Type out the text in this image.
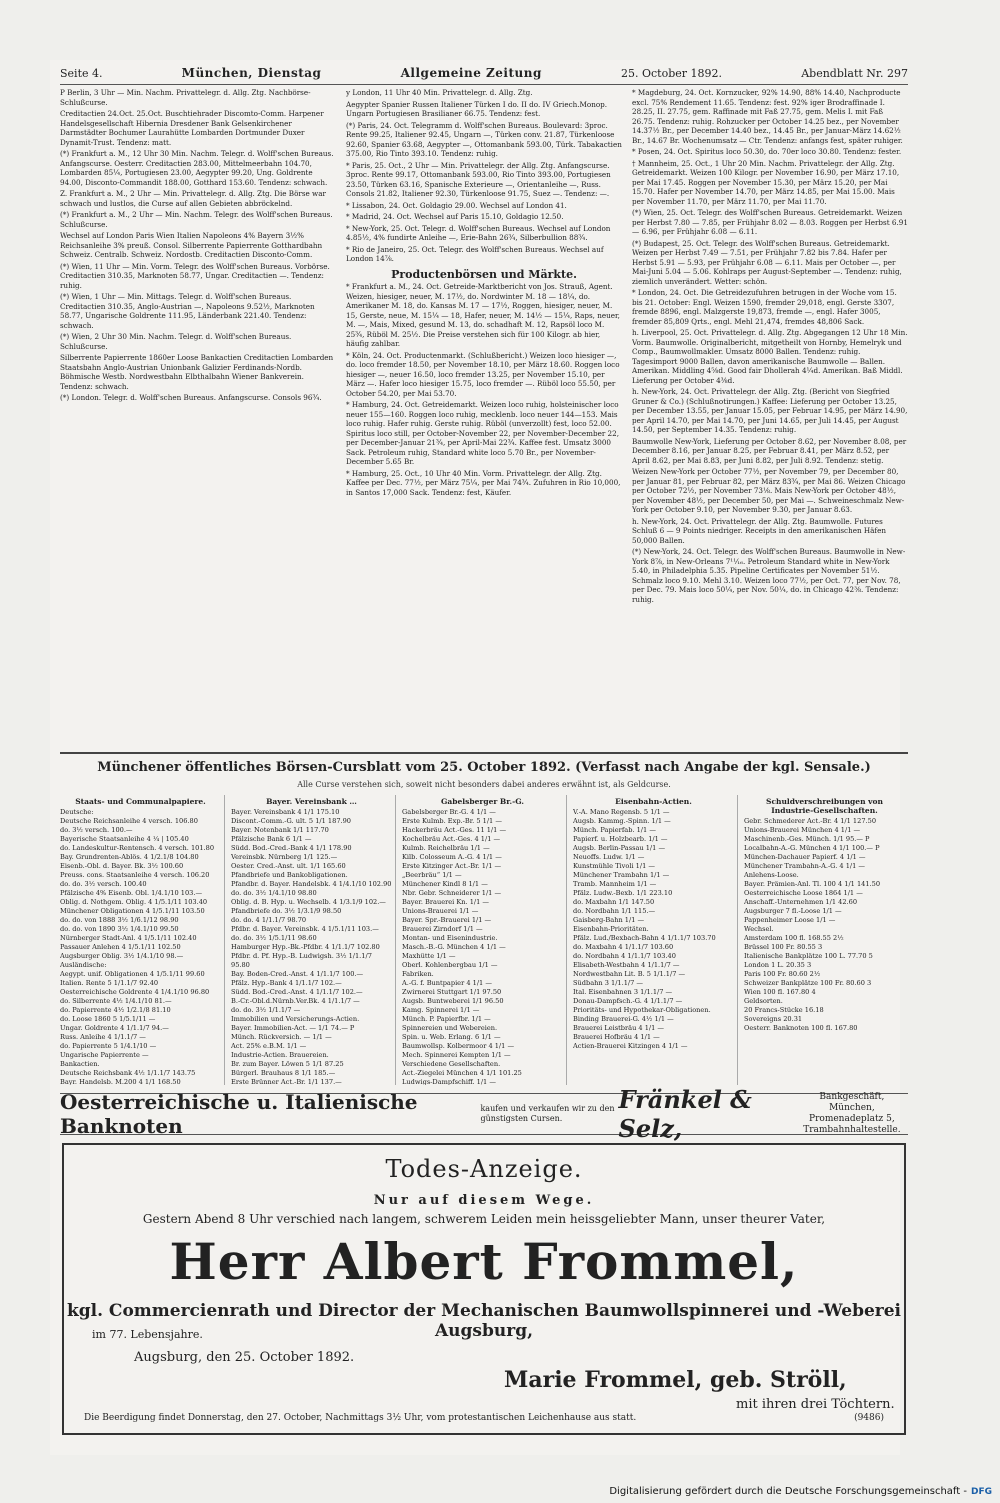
Seite 4.	München, Dienstag	Allgemeine Zeitung	25. October 1892.	Abendblatt Nr. 297

P Berlin, 3 Uhr — Min. Nachm. Privattelegr. d. Allg. Ztg. Nachbörse-Schlußcurse.

Creditactien 24.Oct. 25.Oct. Buschtiehrader Discomto-Comm. Harpener Handelsgesellschaft Hibernia Dresdener Bank Gelsenkirchener Darmstädter Bochumer Laurahütte Lombarden Dortmunder Duxer Dynamit-Trust. Tendenz: matt.

(*) Frankfurt a. M., 12 Uhr 30 Min. Nachm. Telegr. d. Wolff'schen Bureaus. Anfangscurse. Oesterr. Creditactien 283.00, Mittelmeerbahn 104.70, Lombarden 85¼, Portugiesen 23.00, Aegypter 99.20, Ung. Goldrente 94.00, Disconto-Commandit 188.00, Gotthard 153.60. Tendenz: schwach.

Z. Frankfurt a. M., 2 Uhr — Min. Privattelegr. d. Allg. Ztg. Die Börse war schwach und lustlos, die Curse auf allen Gebieten abbröckelnd.

(*) Frankfurt a. M., 2 Uhr — Min. Nachm. Telegr. des Wolff'schen Bureaus. Schlußcurse.

Wechsel auf London Paris Wien Italien Napoleons 4% Bayern 3½% Reichsanleihe 3% preuß. Consol. Silberrente Papierrente Gotthardbahn Schweiz. Centralb. Schweiz. Nordostb. Creditactien Disconto-Comm.

(*) Wien, 11 Uhr — Min. Vorm. Telegr. des Wolff'schen Bureaus. Vorbörse. Creditactien 310.35, Marknoten 58.77, Ungar. Creditactien —. Tendenz: ruhig.

(*) Wien, 1 Uhr — Min. Mittags. Telegr. d. Wolff'schen Bureaus. Creditactien 310.35, Anglo-Austrian —, Napoleons 9.52½, Marknoten 58.77, Ungarische Goldrente 111.95, Länderbank 221.40. Tendenz: schwach.

(*) Wien, 2 Uhr 30 Min. Nachm. Telegr. d. Wolff'schen Bureaus. Schlußcurse.

Silberrente Papierrente 1860er Loose Bankactien Creditactien Lombarden Staatsbahn Anglo-Austrian Unionbank Galizier Ferdinands-Nordb. Böhmische Westb. Nordwestbahn Elbthalbahn Wiener Bankverein. Tendenz: schwach.

(*) London. Telegr. d. Wolff'schen Bureaus. Anfangscurse. Consols 96¾.

y London, 11 Uhr 40 Min. Privattelegr. d. Allg. Ztg.

Aegypter Spanier Russen Italiener Türken I do. II do. IV Griech.Monop. Ungarn Portugiesen Brasilianer 66.75. Tendenz: fest.

(*) Paris, 24. Oct. Telegramm d. Wolff'schen Bureaus. Boulevard: 3proc. Rente 99.25, Italiener 92.45, Ungarn —, Türken conv. 21.87, Türkenloose 92.60, Spanier 63.68, Aegypter —, Ottomanbank 593.00, Türk. Tabakactien 375.00, Rio Tinto 393.10. Tendenz: ruhig.

* Paris, 25. Oct., 2 Uhr — Min. Privattelegr. der Allg. Ztg. Anfangscurse. 3proc. Rente 99.17, Ottomanbank 593.00, Rio Tinto 393.00, Portugiesen 23.50, Türken 63.16, Spanische Exterieure —, Orientanleihe —, Russ. Consols 21.82, Italiener 92.30, Türkenloose 91.75, Suez —. Tendenz: —.

* Lissabon, 24. Oct. Goldagio 29.00. Wechsel auf London 41.

* Madrid, 24. Oct. Wechsel auf Paris 15.10, Goldagio 12.50.

* New-York, 25. Oct. Telegr. d. Wolff'schen Bureaus. Wechsel auf London 4.85½, 4% fundirte Anleihe —, Erie-Bahn 26¾, Silberbullion 88¾.

* Rio de Janeiro, 25. Oct. Telegr. des Wolff'schen Bureaus. Wechsel auf London 14⅞.

Productenbörsen und Märkte.

* Frankfurt a. M., 24. Oct. Getreide-Marktbericht von Jos. Strauß, Agent. Weizen, hiesiger, neuer, M. 17½, do. Nordwinter M. 18 — 18¼, do. Amerikaner M. 18, do. Kansas M. 17 — 17½, Roggen, hiesiger, neuer, M. 15, Gerste, neue, M. 15¼ — 18, Hafer, neuer, M. 14½ — 15¼, Raps, neuer, M. —, Mais, Mixed, gesund M. 13, do. schadhaft M. 12, Rapsöl loco M. 25¾, Rüböl M. 25½. Die Preise verstehen sich für 100 Kilogr. ab hier, häufig zahlbar.

* Köln, 24. Oct. Productenmarkt. (Schlußbericht.) Weizen loco hiesiger —, do. loco fremder 18.50, per November 18.10, per März 18.60. Roggen loco hiesiger —, neuer 16.50, loco fremder 13.25, per November 15.10, per März —. Hafer loco hiesiger 15.75, loco fremder —. Rüböl loco 55.50, per October 54.20, per Mai 53.70.

* Hamburg, 24. Oct. Getreidemarkt. Weizen loco ruhig, holsteinischer loco neuer 155—160. Roggen loco ruhig, mecklenb. loco neuer 144—153. Mais loco ruhig. Hafer ruhig. Gerste ruhig. Rüböl (unverzollt) fest, loco 52.00. Spiritus loco still, per October-November 22, per November-December 22, per December-Januar 21¾, per April-Mai 22¾. Kaffee fest. Umsatz 3000 Sack. Petroleum ruhig, Standard white loco 5.70 Br., per November-December 5.65 Br.

* Hamburg, 25. Oct., 10 Uhr 40 Min. Vorm. Privattelegr. der Allg. Ztg. Kaffee per Dec. 77½, per März 75¼, per Mai 74¾. Zufuhren in Rio 10,000, in Santos 17,000 Sack. Tendenz: fest, Käufer.

* Magdeburg, 24. Oct. Kornzucker, 92% 14.90, 88% 14.40, Nachproducte excl. 75% Rendement 11.65. Tendenz: fest. 92% iger Brodraffinade I. 28.25, II. 27.75, gem. Raffinade mit Faß 27.75, gem. Melis I. mit Faß 26.75. Tendenz: ruhig. Rohzucker per October 14.25 bez., per November 14.37½ Br., per December 14.40 bez., 14.45 Br., per Januar-März 14.62½ Br., 14.67 Br. Wochenumsatz — Ctr. Tendenz: anfangs fest, später ruhiger.

* Posen, 24. Oct. Spiritus loco 50.30, do. 70er loco 30.80. Tendenz: fester.

† Mannheim, 25. Oct., 1 Uhr 20 Min. Nachm. Privattelegr. der Allg. Ztg. Getreidemarkt. Weizen 100 Kilogr. per November 16.90, per März 17.10, per Mai 17.45. Roggen per November 15.30, per März 15.20, per Mai 15.70. Hafer per November 14.70, per März 14.85, per Mai 15.00. Mais per November 11.70, per März 11.70, per Mai 11.70.

(*) Wien, 25. Oct. Telegr. des Wolff'schen Bureaus. Getreidemarkt. Weizen per Herbst 7.80 — 7.85, per Frühjahr 8.02 — 8.03. Roggen per Herbst 6.91 — 6.96, per Frühjahr 6.08 — 6.11.

(*) Budapest, 25. Oct. Telegr. des Wolff'schen Bureaus. Getreidemarkt. Weizen per Herbst 7.49 — 7.51, per Frühjahr 7.82 bis 7.84. Hafer per Herbst 5.91 — 5.93, per Frühjahr 6.08 — 6.11. Mais per October —, per Mai-Juni 5.04 — 5.06. Kohlraps per August-September —. Tendenz: ruhig, ziemlich unverändert. Wetter: schön.

* London, 24. Oct. Die Getreidezufuhren betrugen in der Woche vom 15. bis 21. October: Engl. Weizen 1590, fremder 29,018, engl. Gerste 3307, fremde 8896, engl. Malzgerste 19,873, fremde —, engl. Hafer 3005, fremder 85,809 Qrts., engl. Mehl 21,474, fremdes 48,806 Sack.

h. Liverpool, 25. Oct. Privattelegr. d. Allg. Ztg. Abgegangen 12 Uhr 18 Min. Vorm. Baumwolle. Originalbericht, mitgetheilt von Hornby, Hemelryk und Comp., Baumwollmakler. Umsatz 8000 Ballen. Tendenz: ruhig. Tagesimport 9000 Ballen, davon amerikanische Baumwolle — Ballen. Amerikan. Middling 4⅝d. Good fair Dhollerah 4¼d. Amerikan. Baß Middl. Lieferung per October 4⅜d.

h. New-York, 24. Oct. Privattelegr. der Allg. Ztg. (Bericht von Siegfried Gruner & Co.) (Schlußnotirungen.) Kaffee: Lieferung per October 13.25, per December 13.55, per Januar 15.05, per Februar 14.95, per März 14.90, per April 14.70, per Mai 14.70, per Juni 14.65, per Juli 14.45, per August 14.50, per September 14.35. Tendenz: ruhig.

Baumwolle New-York, Lieferung per October 8.62, per November 8.08, per December 8.16, per Januar 8.25, per Februar 8.41, per März 8.52, per April 8.62, per Mai 8.83, per Juni 8.82, per Juli 8.92. Tendenz: stetig.

Weizen New-York per October 77½, per November 79, per December 80, per Januar 81, per Februar 82, per März 83¾, per Mai 86. Weizen Chicago per October 72½, per November 73⅛. Mais New-York per October 48½, per November 48½, per December 50, per Mai —. Schweineschmalz New-York per October 9.10, per November 9.30, per Januar 8.63.

h. New-York, 24. Oct. Privattelegr. der Allg. Ztg. Baumwolle. Futures Schluß 6 — 9 Points niedriger. Receipts in den amerikanischen Häfen 50,000 Ballen.

(*) New-York, 24. Oct. Telegr. des Wolff'schen Bureaus. Baumwolle in New-York 8⅞, in New-Orleans 7¹¹⁄₁₆. Petroleum Standard white in New-York 5.40, in Philadelphia 5.35. Pipeline Certificates per November 51½. Schmalz loco 9.10. Mehl 3.10. Weizen loco 77½, per Oct. 77, per Nov. 78, per Dec. 79. Mais loco 50¼, per Nov. 50¼, do. in Chicago 42⅜. Tendenz: ruhig.

Münchener öffentliches Börsen-Cursblatt vom 25. October 1892. (Verfasst nach Angabe der kgl. Sensale.)
Alle Curse verstehen sich, soweit nicht besonders dabei anderes erwähnt ist, als Geldcurse.
Staats- und Communalpapiere.
Deutsche:
Deutsche Reichsanleihe 4 versch. 106.80
do. 3½ versch. 100.—
Bayerische Staatsanleihe 4 ¼ | 105.40
do. Landeskultur-Rentensch. 4 versch. 101.80
Bay. Grundrenten-Ablös. 4 1/2.1/8 104.80
Eisenb.-Obl. d. Bayer. Bk. 3½ 100.60
Preuss. cons. Staatsanleihe 4 versch. 106.20
do. do. 3½ versch. 100.40
Pfälzische 4% Eisenb. Obl. 1/4.1/10 103.—
Oblig. d. Nothgem. Oblig. 4 1/5.1/11 103.40
Münchener Obligationen 4 1/5.1/11 103.50
do. do. von 1888 3½ 1/6.1/12 98.90
do. do. von 1890 3½ 1/4.1/10 99.50
Nürnberger Stadt-Anl. 4 1/5.1/11 102.40
Passauer Anlehen 4 1/5.1/11 102.50
Augsburger Oblig. 3½ 1/4.1/10 98.—
Ausländische:
Aegypt. unif. Obligationen 4 1/5.1/11 99.60
Italien. Rente 5 1/1.1/7 92.40
Oesterreichische Goldrente 4 1/4.1/10 96.80
do. Silberrente 4½ 1/4.1/10 81.—
do. Papierrente 4½ 1/2.1/8 81.10
do. Loose 1860 5 1/5.1/11 —
Ungar. Goldrente 4 1/1.1/7 94.—
Russ. Anleihe 4 1/1.1/7 —
do. Papierrente 5 1/4.1/10 —
Ungarische Papierrente —
Bankactien.
Deutsche Reichsbank 4½ 1/1.1/7 143.75
Bayr. Handelsb. M.200 4 1/1 168.50
Bayer. Vereinsbank …
Bayer. Vereinsbank 4 1/1 175.10
Discont.-Comm.-G. ult. 5 1/1 187.90
Bayer. Notenbank 1/1 117.70
Pfälzische Bank 6 1/1 —
Südd. Bod.-Cred.-Bank 4 1/1 178.90
Vereinsbk. Nürnberg 1/1 125.—
Oester. Cred.-Anst. ult. 1/1 165.60
Pfandbriefe und Bankobligationen.
Pfandbr. d. Bayer. Handelsbk. 4 1/4.1/10 102.90
do. do. 3½ 1/4.1/10 98.80
Oblig. d. B. Hyp. u. Wechselb. 4 1/3.1/9 102.—
Pfandbriefe do. 3½ 1/3.1/9 98.50
do. do. 4 1/1.1/7 98.70
Pfdbr. d. Bayer. Vereinsbk. 4 1/5.1/11 103.—
do. do. 3½ 1/5.1/11 98.60
Hamburger Hyp.-Bk.-Pfdbr. 4 1/1.1/7 102.80
Pfdbr. d. Pf. Hyp.-B. Ludwigsh. 3½ 1/1.1/7 95.80
Bay. Boden-Cred.-Anst. 4 1/1.1/7 100.—
Pfälz. Hyp.-Bank 4 1/1.1/7 102.—
Südd. Bod.-Cred.-Anst. 4 1/1.1/7 102.—
B.-Cr.-Obl.d.Nürnb.Ver.Bk. 4 1/1.1/7 —
do. do. 3½ 1/1.1/7 —
Immobilien und Versicherungs-Actien.
Bayer. Immobilien-Act. — 1/1 74.— P
Münch. Rückversich. — 1/1 —
Act. 25% e.B.M. 1/1 —
Industrie-Actien. Brauereien.
Br. zum Bayer. Löwen 5 1/1 87.25
Bürgerl. Brauhaus 8 1/1 185.—
Erste Brünner Act.-Br. 1/1 137.—
Gabelsberger Br.-G.
Gabelsberger Br.-G. 4 1/1 —
Erste Kulmb. Exp.-Br. 5 1/1 —
Hackerbräu Act.-Ges. 11 1/1 —
Kochelbräu Act.-Ges. 4 1/1 —
Kulmb. Reichelbräu 1/1 —
Kilb. Colosseum A.-G. 4 1/1 —
Erste Kitzinger Act.-Br. 1/1 —
„Beerbräu“ 1/1 —
Münchener Kindl 8 1/1 —
Nbr. Gebr. Schneiderer 1/1 —
Bayer. Brauerei Kn. 1/1 —
Unions-Brauerei 1/1 —
Bayer. Spr.-Brauerei 1/1 —
Brauerei Zirndorf 1/1 —
Montan- und Eisenindustrie.
Masch.-B.-G. München 4 1/1 —
Maxhütte 1/1 —
Oberl. Kohlenbergbau 1/1 —
Fabriken.
A.-G. f. Buntpapier 4 1/1 —
Zwirnerei Stuttgart 1/1 97.50
Augsb. Buntweberei 1/1 96.50
Kamg. Spinnerei 1/1 —
Münch. P. Papierfbr. 1/1 —
Spinnereien und Webereien.
Spin. u. Web. Erlang. 6 1/1 —
Baumwollsp. Kolbermoor 4 1/1 —
Mech. Spinnerei Kempten 1/1 —
Verschiedene Gesellschaften.
Act.-Ziegelei München 4 1/1 101.25
Ludwigs-Dampfschiff. 1/1 —
Eisenbahn-Actien.
V.-A. Mano Regensb. 5 1/1 —
Augsb. Kammg.-Spinn. 1/1 —
Münch. Papierfab. 1/1 —
Papierf. u. Holzbearb. 1/1 —
Augsb. Berlin-Passau 1/1 —
Neuoffs. Ludw. 1/1 —
Kunstmühle Tivoli 1/1 —
Münchener Trambahn 1/1 —
Tramb. Mannheim 1/1 —
Pfälz. Ludw.-Bexb. 1/1 223.10
do. Maxbahn 1/1 147.50
do. Nordbahn 1/1 115.—
Gaisberg-Bahn 1/1 —
Eisenbahn-Prioritäten.
Pfälz. Lud./Bexbach-Bahn 4 1/1.1/7 103.70
do. Maxbahn 4 1/1.1/7 103.60
do. Nordbahn 4 1/1.1/7 103.40
Elisabeth-Westbahn 4 1/1.1/7 —
Nordwestbahn Lit. B. 5 1/1.1/7 —
Südbahn 3 1/1.1/7 —
Ital. Eisenbahnen 3 1/1.1/7 —
Donau-Dampfsch.-G. 4 1/1.1/7 —
Prioritäts- und Hypothekar-Obligationen.
Binding Brauerei-G. 4½ 1/1 —
Brauerei Leistbräu 4 1/1 —
Brauerei Hofbräu 4 1/1 —
Actien-Brauerei Kitzingen 4 1/1 —
Schuldverschreibungen von Industrie-Gesellschaften.
Gebr. Schmederer Act.-Br. 4 1/1 127.50
Unions-Brauerei München 4 1/1 —
Maschinenb.-Ges. Münch. 1/1 95.— P
Localbahn-A.-G. München 4 1/1 100.— P
München-Dachauer Papierf. 4 1/1 —
Münchener Trambahn-A.-G. 4 1/1 —
Anlehens-Loose.
Bayer. Prämien-Anl. Tl. 100 4 1/1 141.50
Oesterreichische Loose 1864 1/1 —
Anschaff.-Unternehmen 1/1 42.60
Augsburger 7 fl.-Loose 1/1 —
Pappenheimer Loose 1/1 —
Wechsel.
Amsterdam 100 fl. 168.55 2½
Brüssel 100 Fr. 80.55 3
Italienische Bankplätze 100 L. 77.70 5
London 1 L. 20.35 3
Paris 100 Fr. 80.60 2½
Schweizer Bankplätze 100 Fr. 80.60 3
Wien 100 fl. 167.80 4
Geldsorten.
20 Francs-Stücke 16.18
Sovereigns 20.31
Oesterr. Banknoten 100 fl. 167.80
Oesterreichische u. Italienische Banknoten
kaufen und verkaufen wir zu den günstigsten Cursen.
Fränkel & Selz,
Bankgeschäft, München, Promenadeplatz 5, Trambahnhaltestelle.
Todes-Anzeige.
Nur auf diesem Wege.
Gestern Abend 8 Uhr verschied nach langem, schwerem Leiden mein heissgeliebter Mann, unser theurer Vater,
Herr Albert Frommel,
kgl. Commercienrath und Director der Mechanischen Baumwollspinnerei und -Weberei Augsburg,
im 77. Lebensjahre.
Augsburg, den 25. October 1892.
Marie Frommel, geb. Ströll,
mit ihren drei Töchtern.
Die Beerdigung findet Donnerstag, den 27. October, Nachmittags 3½ Uhr, vom protestantischen Leichenhause aus statt.	(9486)
Digitalisierung gefördert durch die Deutsche Forschungsgemeinschaft - DFG
